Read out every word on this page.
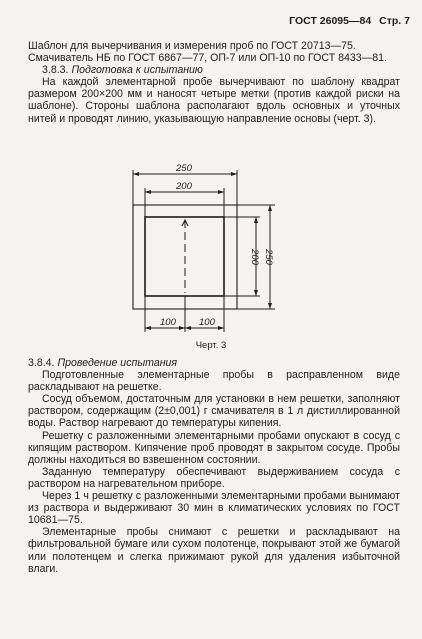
ГОСТ 26095—84 Стр. 7

Шаблон для вычерчивания и измерения проб по ГОСТ 20713—75.

Смачиватель НБ по ГОСТ 6867—77, ОП-7 или ОП-10 по ГОСТ 8433—81.

3.8.3. Подготовка к испытанию

На каждой элементарной пробе вычерчивают по шаблону квадрат размером 200×200 мм и наносят четыре метки (против каждой риски на шаблоне). Стороны шаблона располагают вдоль основных и уточных нитей и проводят линию, указывающую направление основы (черт. 3).

250
200
100 100
200 250
Черт. 3

3.8.4. Проведение испытания

Подготовленные элементарные пробы в расправленном виде раскладывают на решетке.

Сосуд объемом, достаточным для установки в нем решетки, заполняют раствором, содержащим (2±0,001) г смачивателя в 1 л дистиллированной воды. Раствор нагревают до температуры кипения.

Решетку с разложенными элементарными пробами опускают в сосуд с кипящим раствором. Кипячение проб проводят в закрытом сосуде. Пробы должны находиться во взвешенном состоянии.

Заданную температуру обеспечивают выдерживанием сосуда с раствором на нагревательном приборе.

Через 1 ч решетку с разложенными элементарными пробами вынимают из раствора и выдерживают 30 мин в климатических условиях по ГОСТ 10681—75.

Элементарные пробы снимают с решетки и раскладывают на фильтровальной бумаге или сухом полотенце, покрывают этой же бумагой или полотенцем и слегка прижимают рукой для удаления избыточной влаги.
